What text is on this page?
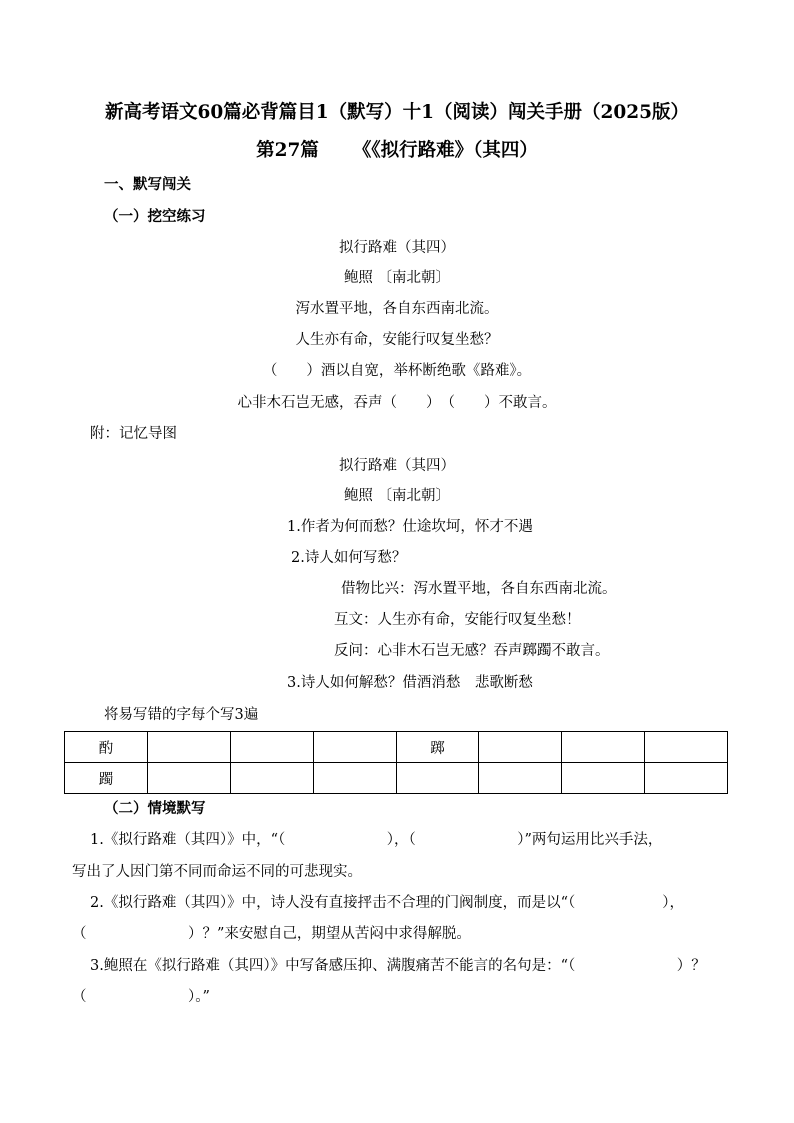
新高考语文60篇必背篇目1（默写）十1（阅读）闯关手册（2025版）
第27篇 《《拟行路难》（其四）
一、默写闯关
（一）挖空练习
拟行路难（其四）
鲍照 〔南北朝〕
泻水置平地，各自东西南北流。
人生亦有命，安能行叹复坐愁？
（　　）酒以自宽，举杯断绝歌《路难》。
心非木石岂无感，吞声（　　）（　　）不敢言。
附：记忆导图
拟行路难（其四）
鲍照 〔南北朝〕
1.作者为何而愁？仕途坎坷，怀才不遇
2.诗人如何写愁？
借物比兴：泻水置平地，各自东西南北流。
互文：人生亦有命，安能行叹复坐愁！
反问：心非木石岂无感？吞声踯躅不敢言。
3.诗人如何解愁？借酒消愁　悲歌断愁
将易写错的字每个写3遍
酌				踯			
躅							
（二）情境默写
1.《拟行路难（其四）》中，“（　　　　　　　），（　　　　　　　）”两句运用比兴手法，
写出了人因门第不同而命运不同的可悲现实。
2.《拟行路难（其四）》中，诗人没有直接抨击不合理的门阀制度，而是以“（　　　　　　），
（　　　　　　　）？”来安慰自己，期望从苦闷中求得解脱。
3.鲍照在《拟行路难（其四）》中写备感压抑、满腹痛苦不能言的名句是：“（　　　　　　　）？
（　　　　　　　）。”
